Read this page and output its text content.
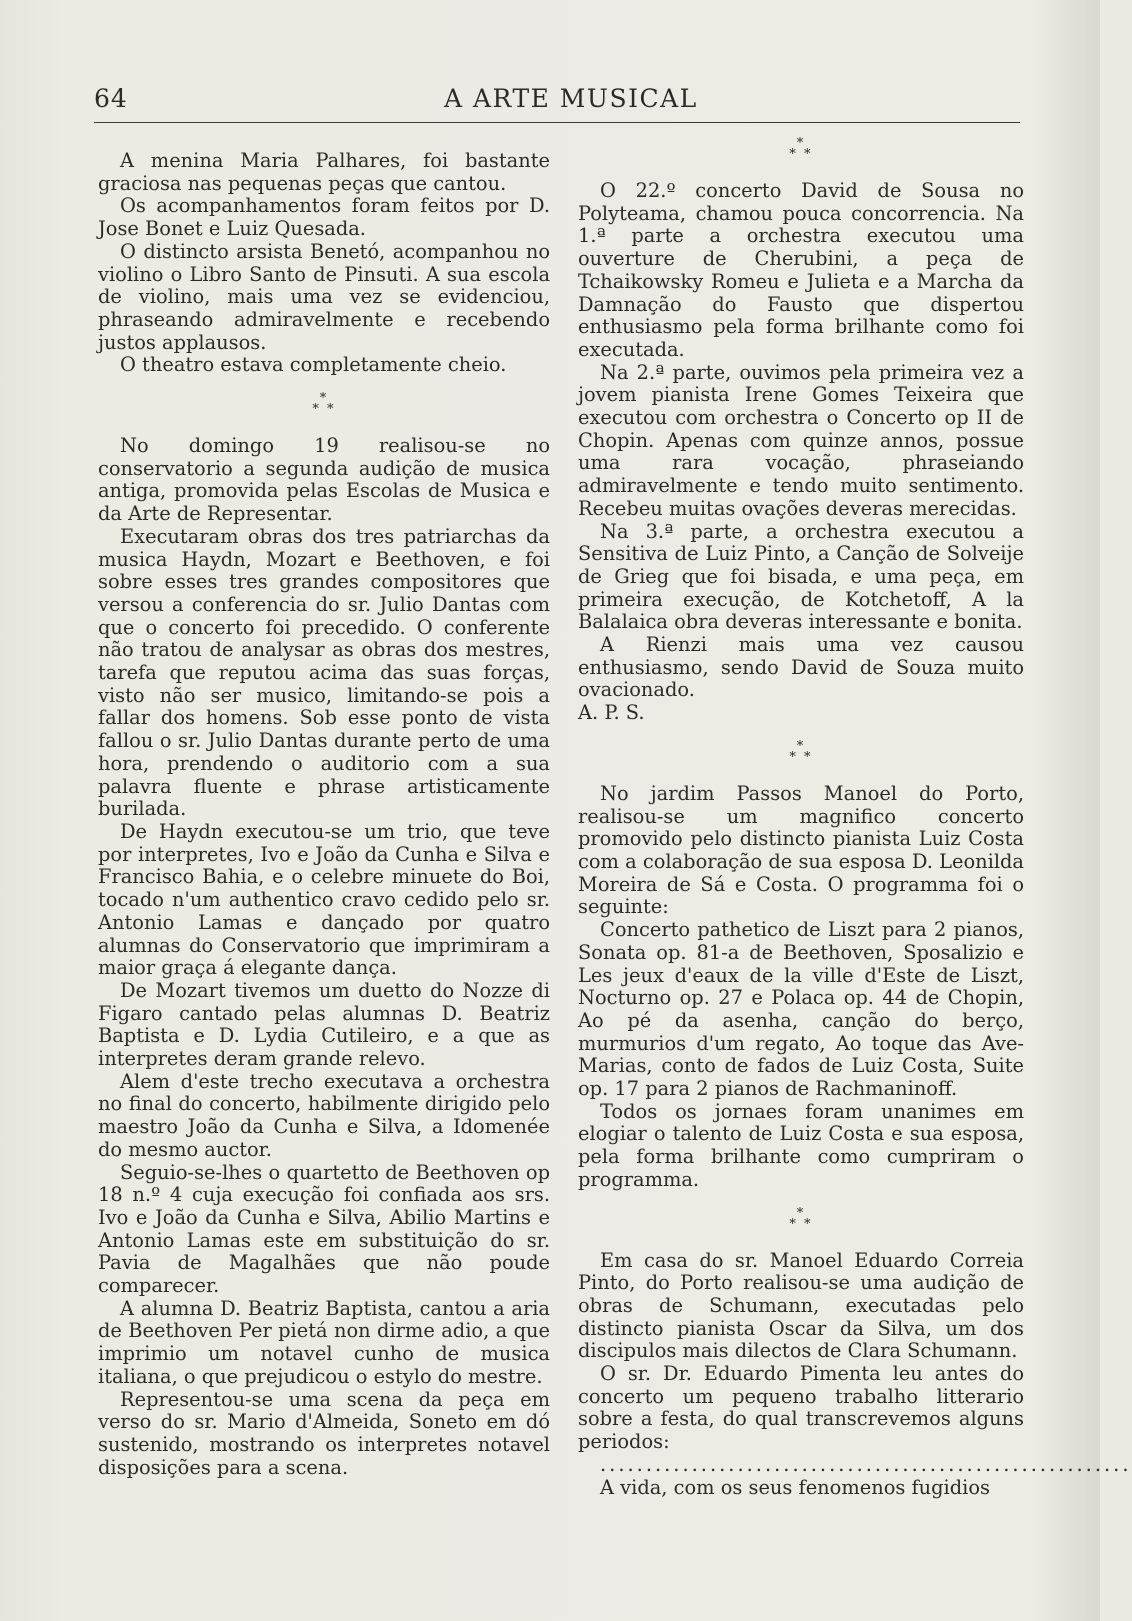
64	A ARTE MUSICAL

A menina Maria Palhares, foi bastante graciosa nas pequenas peças que cantou.

Os acompanhamentos foram feitos por D. Jose Bonet e Luiz Quesada.

O distincto arsista Benetó, acompanhou no violino o Libro Santo de Pinsuti. A sua escola de violino, mais uma vez se evidenciou, phraseando admiravelmente e recebendo justos applausos.

O theatro estava completamente cheio.

*
* *

No domingo 19 realisou-se no conservatorio a segunda audição de musica antiga, promovida pelas Escolas de Musica e da Arte de Representar.

Executaram obras dos tres patriarchas da musica Haydn, Mozart e Beethoven, e foi sobre esses tres grandes compositores que versou a conferencia do sr. Julio Dantas com que o concerto foi precedido. O conferente não tratou de analysar as obras dos mestres, tarefa que reputou acima das suas forças, visto não ser musico, limitando-se pois a fallar dos homens. Sob esse ponto de vista fallou o sr. Julio Dantas durante perto de uma hora, prendendo o auditorio com a sua palavra fluente e phrase artisticamente burilada.

De Haydn executou-se um trio, que teve por interpretes, Ivo e João da Cunha e Silva e Francisco Bahia, e o celebre minuete do Boi, tocado n'um authentico cravo cedido pelo sr. Antonio Lamas e dançado por quatro alumnas do Conservatorio que imprimiram a maior graça á elegante dança.

De Mozart tivemos um duetto do Nozze di Figaro cantado pelas alumnas D. Beatriz Baptista e D. Lydia Cutileiro, e a que as interpretes deram grande relevo.

Alem d'este trecho executava a orchestra no final do concerto, habilmente dirigido pelo maestro João da Cunha e Silva, a Idomenée do mesmo auctor.

Seguio-se-lhes o quartetto de Beethoven op 18 n.º 4 cuja execução foi confiada aos srs. Ivo e João da Cunha e Silva, Abilio Martins e Antonio Lamas este em substituição do sr. Pavia de Magalhães que não poude comparecer.

A alumna D. Beatriz Baptista, cantou a aria de Beethoven Per pietá non dirme adio, a que imprimio um notavel cunho de musica italiana, o que prejudicou o estylo do mestre.

Representou-se uma scena da peça em verso do sr. Mario d'Almeida, Soneto em dó sustenido, mostrando os interpretes notavel disposições para a scena.

*
* *

O 22.º concerto David de Sousa no Polyteama, chamou pouca concorrencia. Na 1.ª parte a orchestra executou uma ouverture de Cherubini, a peça de Tchaikowsky Romeu e Julieta e a Marcha da Damnação do Fausto que dispertou enthusiasmo pela forma brilhante como foi executada.

Na 2.ª parte, ouvimos pela primeira vez a jovem pianista Irene Gomes Teixeira que executou com orchestra o Concerto op II de Chopin. Apenas com quinze annos, possue uma rara vocação, phraseiando admiravelmente e tendo muito sentimento. Recebeu muitas ovações deveras merecidas.

Na 3.ª parte, a orchestra executou a Sensitiva de Luiz Pinto, a Canção de Solveije de Grieg que foi bisada, e uma peça, em primeira execução, de Kotchetoff, A la Balalaica obra deveras interessante e bonita.

A Rienzi mais uma vez causou enthusiasmo, sendo David de Souza muito ovacionado.

A. P. S.

*
* *

No jardim Passos Manoel do Porto, realisou-se um magnifico concerto promovido pelo distincto pianista Luiz Costa com a colaboração de sua esposa D. Leonilda Moreira de Sá e Costa. O programma foi o seguinte:

Concerto pathetico de Liszt para 2 pianos, Sonata op. 81-a de Beethoven, Sposalizio e Les jeux d'eaux de la ville d'Este de Liszt, Nocturno op. 27 e Polaca op. 44 de Chopin, Ao pé da asenha, canção do berço, murmurios d'um regato, Ao toque das Ave-Marias, conto de fados de Luiz Costa, Suite op. 17 para 2 pianos de Rachmaninoff.

Todos os jornaes foram unanimes em elogiar o talento de Luiz Costa e sua esposa, pela forma brilhante como cumpriram o programma.

*
* *

Em casa do sr. Manoel Eduardo Correia Pinto, do Porto realisou-se uma audição de obras de Schumann, executadas pelo distincto pianista Oscar da Silva, um dos discipulos mais dilectos de Clara Schumann.

O sr. Dr. Eduardo Pimenta leu antes do concerto um pequeno trabalho litterario sobre a festa, do qual transcrevemos alguns periodos:

..........................................................

A vida, com os seus fenomenos fugidios
